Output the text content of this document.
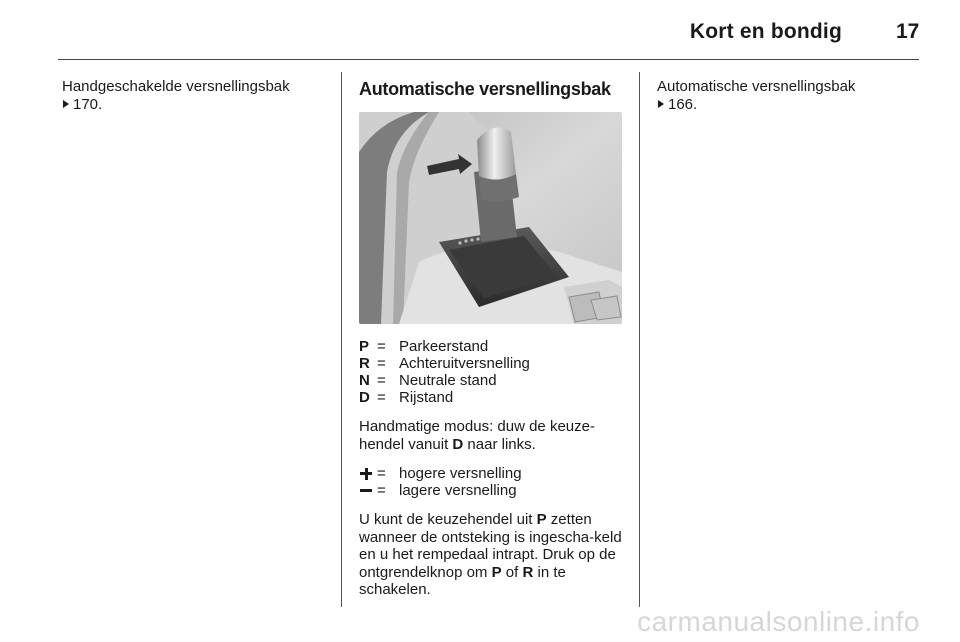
Kort en bondig	17
Handgeschakelde versnellingsbak
170.
Automatische versnellingsbak
P = Parkeerstand
R = Achteruitversnelling
N = Neutrale stand
D = Rijstand

Handmatige modus: duw de keuze-hendel vanuit D naar links.

= hogere versnelling
= lagere versnelling

U kunt de keuzehendel uit P zetten wanneer de ontsteking is ingescha-keld en u het rempedaal intrapt. Druk op de ontgrendelknop om P of R in te schakelen.

Automatische versnellingsbak
166.
carmanualsonline.info
